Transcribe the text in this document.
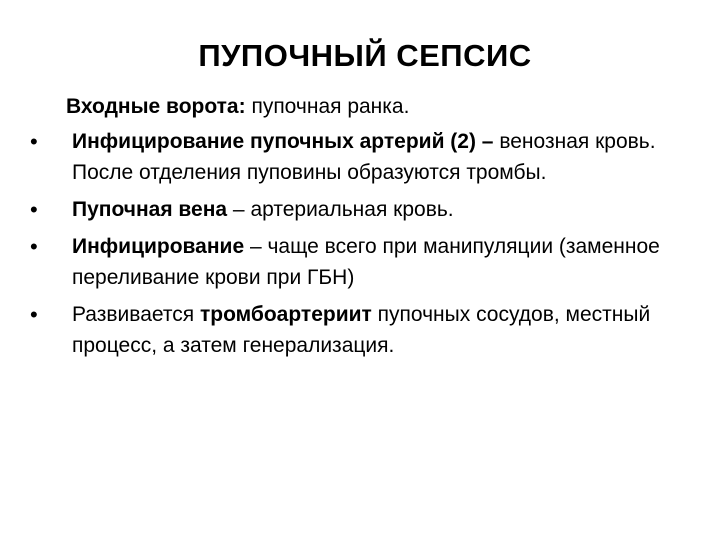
ПУПОЧНЫЙ СЕПСИС
Входные ворота: пупочная ранка.
• Инфицирование пупочных артерий (2) – венозная кровь. После отделения пуповины образуются тромбы.
• Пупочная вена – артериальная кровь.
• Инфицирование – чаще всего при манипуляции (заменное переливание крови при ГБН)
• Развивается тромбоартериит пупочных сосудов, местный процесс, а затем генерализация.
